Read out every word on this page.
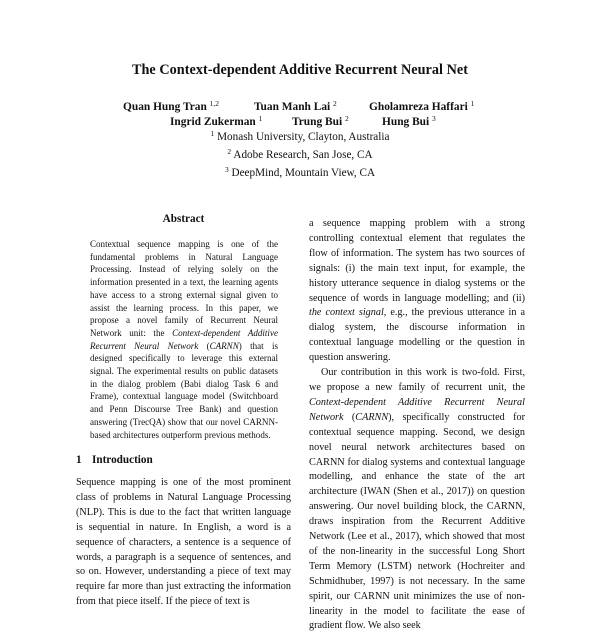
The Context-dependent Additive Recurrent Neural Net
Quan Hung Tran $^{1,2}$	Tuan Manh Lai $^2$	Gholamreza Haffari $^1$
Ingrid Zukerman $^1$	Trung Bui $^2$	Hung Bui $^3$
$^1$ Monash University, Clayton, Australia
$^2$ Adobe Research, San Jose, CA
$^3$ DeepMind, Mountain View, CA
Abstract

Contextual sequence mapping is one of the fundamental problems in Natural Language Processing. Instead of relying solely on the information presented in a text, the learning agents have access to a strong external signal given to assist the learning process. In this paper, we propose a novel family of Recurrent Neural Network unit: the Context-dependent Additive Recurrent Neural Network (CARNN) that is designed specifically to leverage this external signal. The experimental results on public datasets in the dialog problem (Babi dialog Task 6 and Frame), contextual language model (Switchboard and Penn Discourse Tree Bank) and question answering (TrecQA) show that our novel CARNN-based architectures outperform previous methods.

1 Introduction

Sequence mapping is one of the most prominent class of problems in Natural Language Processing (NLP). This is due to the fact that written language is sequential in nature. In English, a word is a sequence of characters, a sentence is a sequence of words, a paragraph is a sequence of sentences, and so on. However, understanding a piece of text may require far more than just extracting the information from that piece itself. If the piece of text is

a sequence mapping problem with a strong controlling contextual element that regulates the flow of information. The system has two sources of signals: (i) the main text input, for example, the history utterance sequence in dialog systems or the sequence of words in language modelling; and (ii) the context signal, e.g., the previous utterance in a dialog system, the discourse information in contextual language modelling or the question in question answering.

Our contribution in this work is two-fold. First, we propose a new family of recurrent unit, the Context-dependent Additive Recurrent Neural Network (CARNN), specifically constructed for contextual sequence mapping. Second, we design novel neural network architectures based on CARNN for dialog systems and contextual language modelling, and enhance the state of the art architecture (IWAN (Shen et al., 2017)) on question answering. Our novel building block, the CARNN, draws inspiration from the Recurrent Additive Network (Lee et al., 2017), which showed that most of the non-linearity in the successful Long Short Term Memory (LSTM) network (Hochreiter and Schmidhuber, 1997) is not necessary. In the same spirit, our CARNN unit minimizes the use of non-linearity in the model to facilitate the ease of gradient flow. We also seek
